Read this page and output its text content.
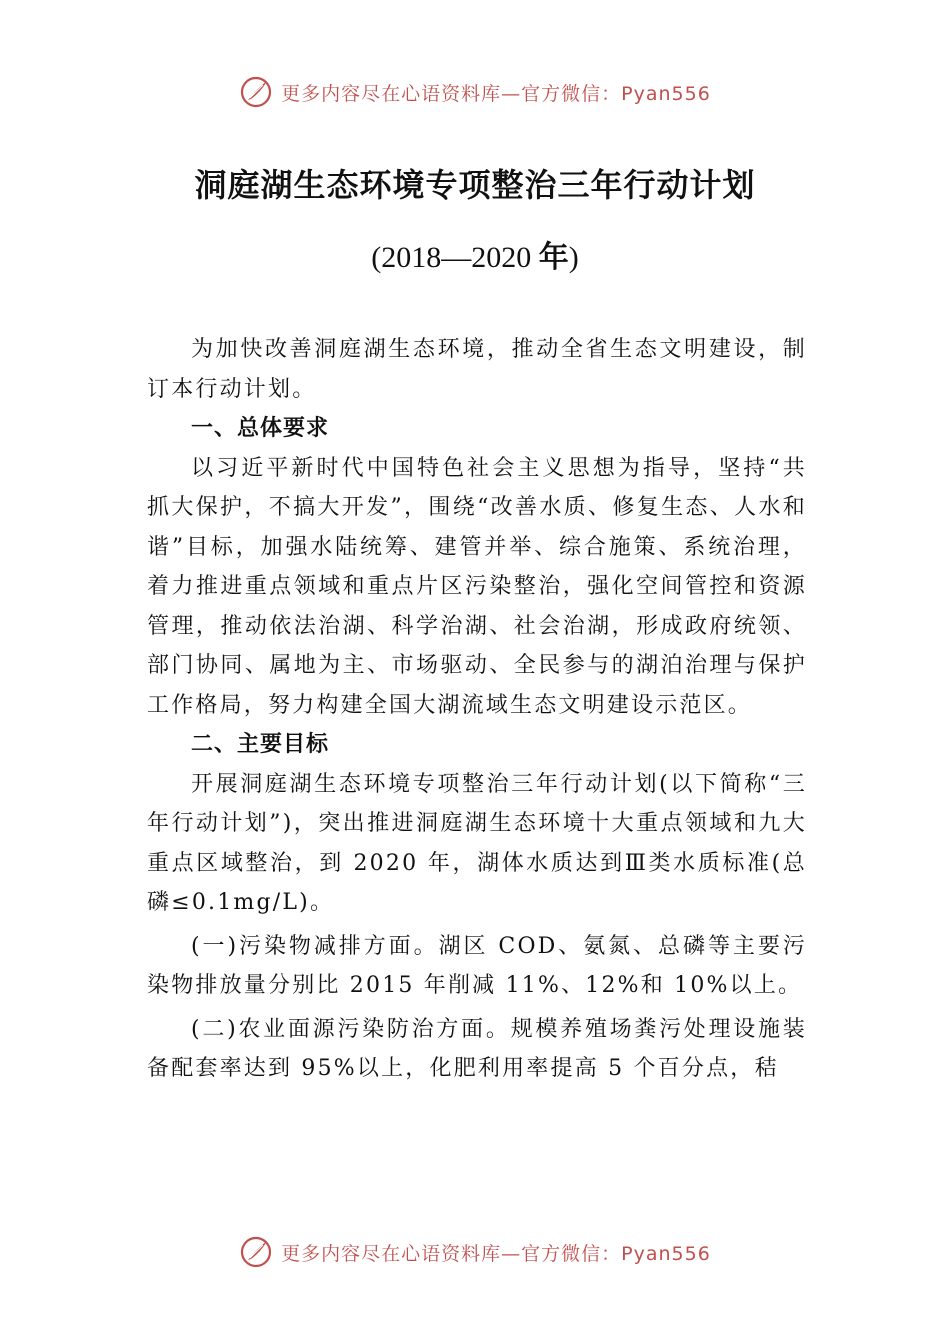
更多内容尽在心语资料库—官方微信：Pyan556
洞庭湖生态环境专项整治三年行动计划
(2018—2020 年)

为加快改善洞庭湖生态环境，推动全省生态文明建设，制订本行动计划。

一、总体要求

以习近平新时代中国特色社会主义思想为指导，坚持“共抓大保护，不搞大开发”，围绕“改善水质、修复生态、人水和谐”目标，加强水陆统筹、建管并举、综合施策、系统治理，着力推进重点领域和重点片区污染整治，强化空间管控和资源管理，推动依法治湖、科学治湖、社会治湖，形成政府统领、部门协同、属地为主、市场驱动、全民参与的湖泊治理与保护工作格局，努力构建全国大湖流域生态文明建设示范区。

二、主要目标

开展洞庭湖生态环境专项整治三年行动计划(以下简称“三年行动计划”)，突出推进洞庭湖生态环境十大重点领域和九大重点区域整治，到 2020 年，湖体水质达到Ⅲ类水质标准(总磷≤0.1mg/L)。

(一)污染物减排方面。湖区 COD、氨氮、总磷等主要污染物排放量分别比 2015 年削减 11%、12%和 10%以上。

(二)农业面源污染防治方面。规模养殖场粪污处理设施装备配套率达到 95%以上，化肥利用率提高 5 个百分点，秸

更多内容尽在心语资料库—官方微信：Pyan556
